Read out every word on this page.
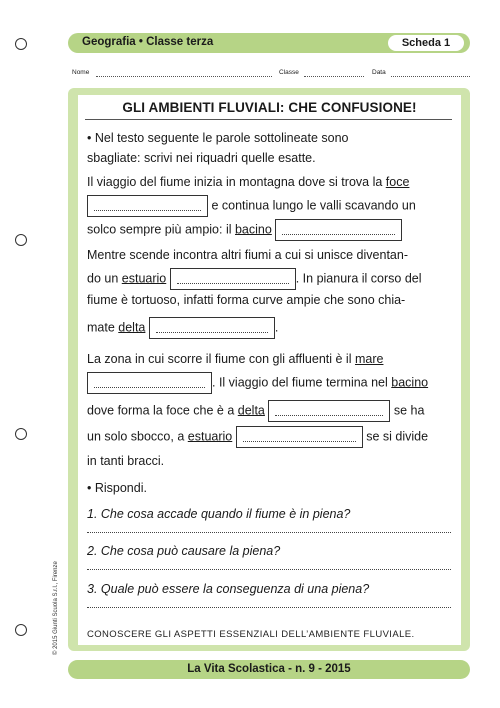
Geografia • Classe terza	Scheda 1
Nome	Classe	Data
GLI AMBIENTI FLUVIALI: CHE CONFUSIONE!
• Nel testo seguente le parole sottolineate sono
sbagliate: scrivi nei riquadri quelle esatte.
Il viaggio del fiume inizia in montagna dove si trova la foce
e continua lungo le valli scavando un
solco sempre più ampio: il bacino
Mentre scende incontra altri fiumi a cui si unisce diventan-
do un estuario	. In pianura il corso del
fiume è tortuoso, infatti forma curve ampie che sono chia-
mate delta	.
La zona in cui scorre il fiume con gli affluenti è il mare
. Il viaggio del fiume termina nel bacino
dove forma la foce che è a delta	se ha
un solo sbocco, a estuario	se si divide
in tanti bracci.
• Rispondi.
1. Che cosa accade quando il fiume è in piena?
2. Che cosa può causare la piena?
3. Quale può essere la conseguenza di una piena?
CONOSCERE GLI ASPETTI ESSENZIALI DELL’AMBIENTE FLUVIALE.
© 2015 Giunti Scuola S.r.l., Firenze
La Vita Scolastica - n. 9 - 2015
